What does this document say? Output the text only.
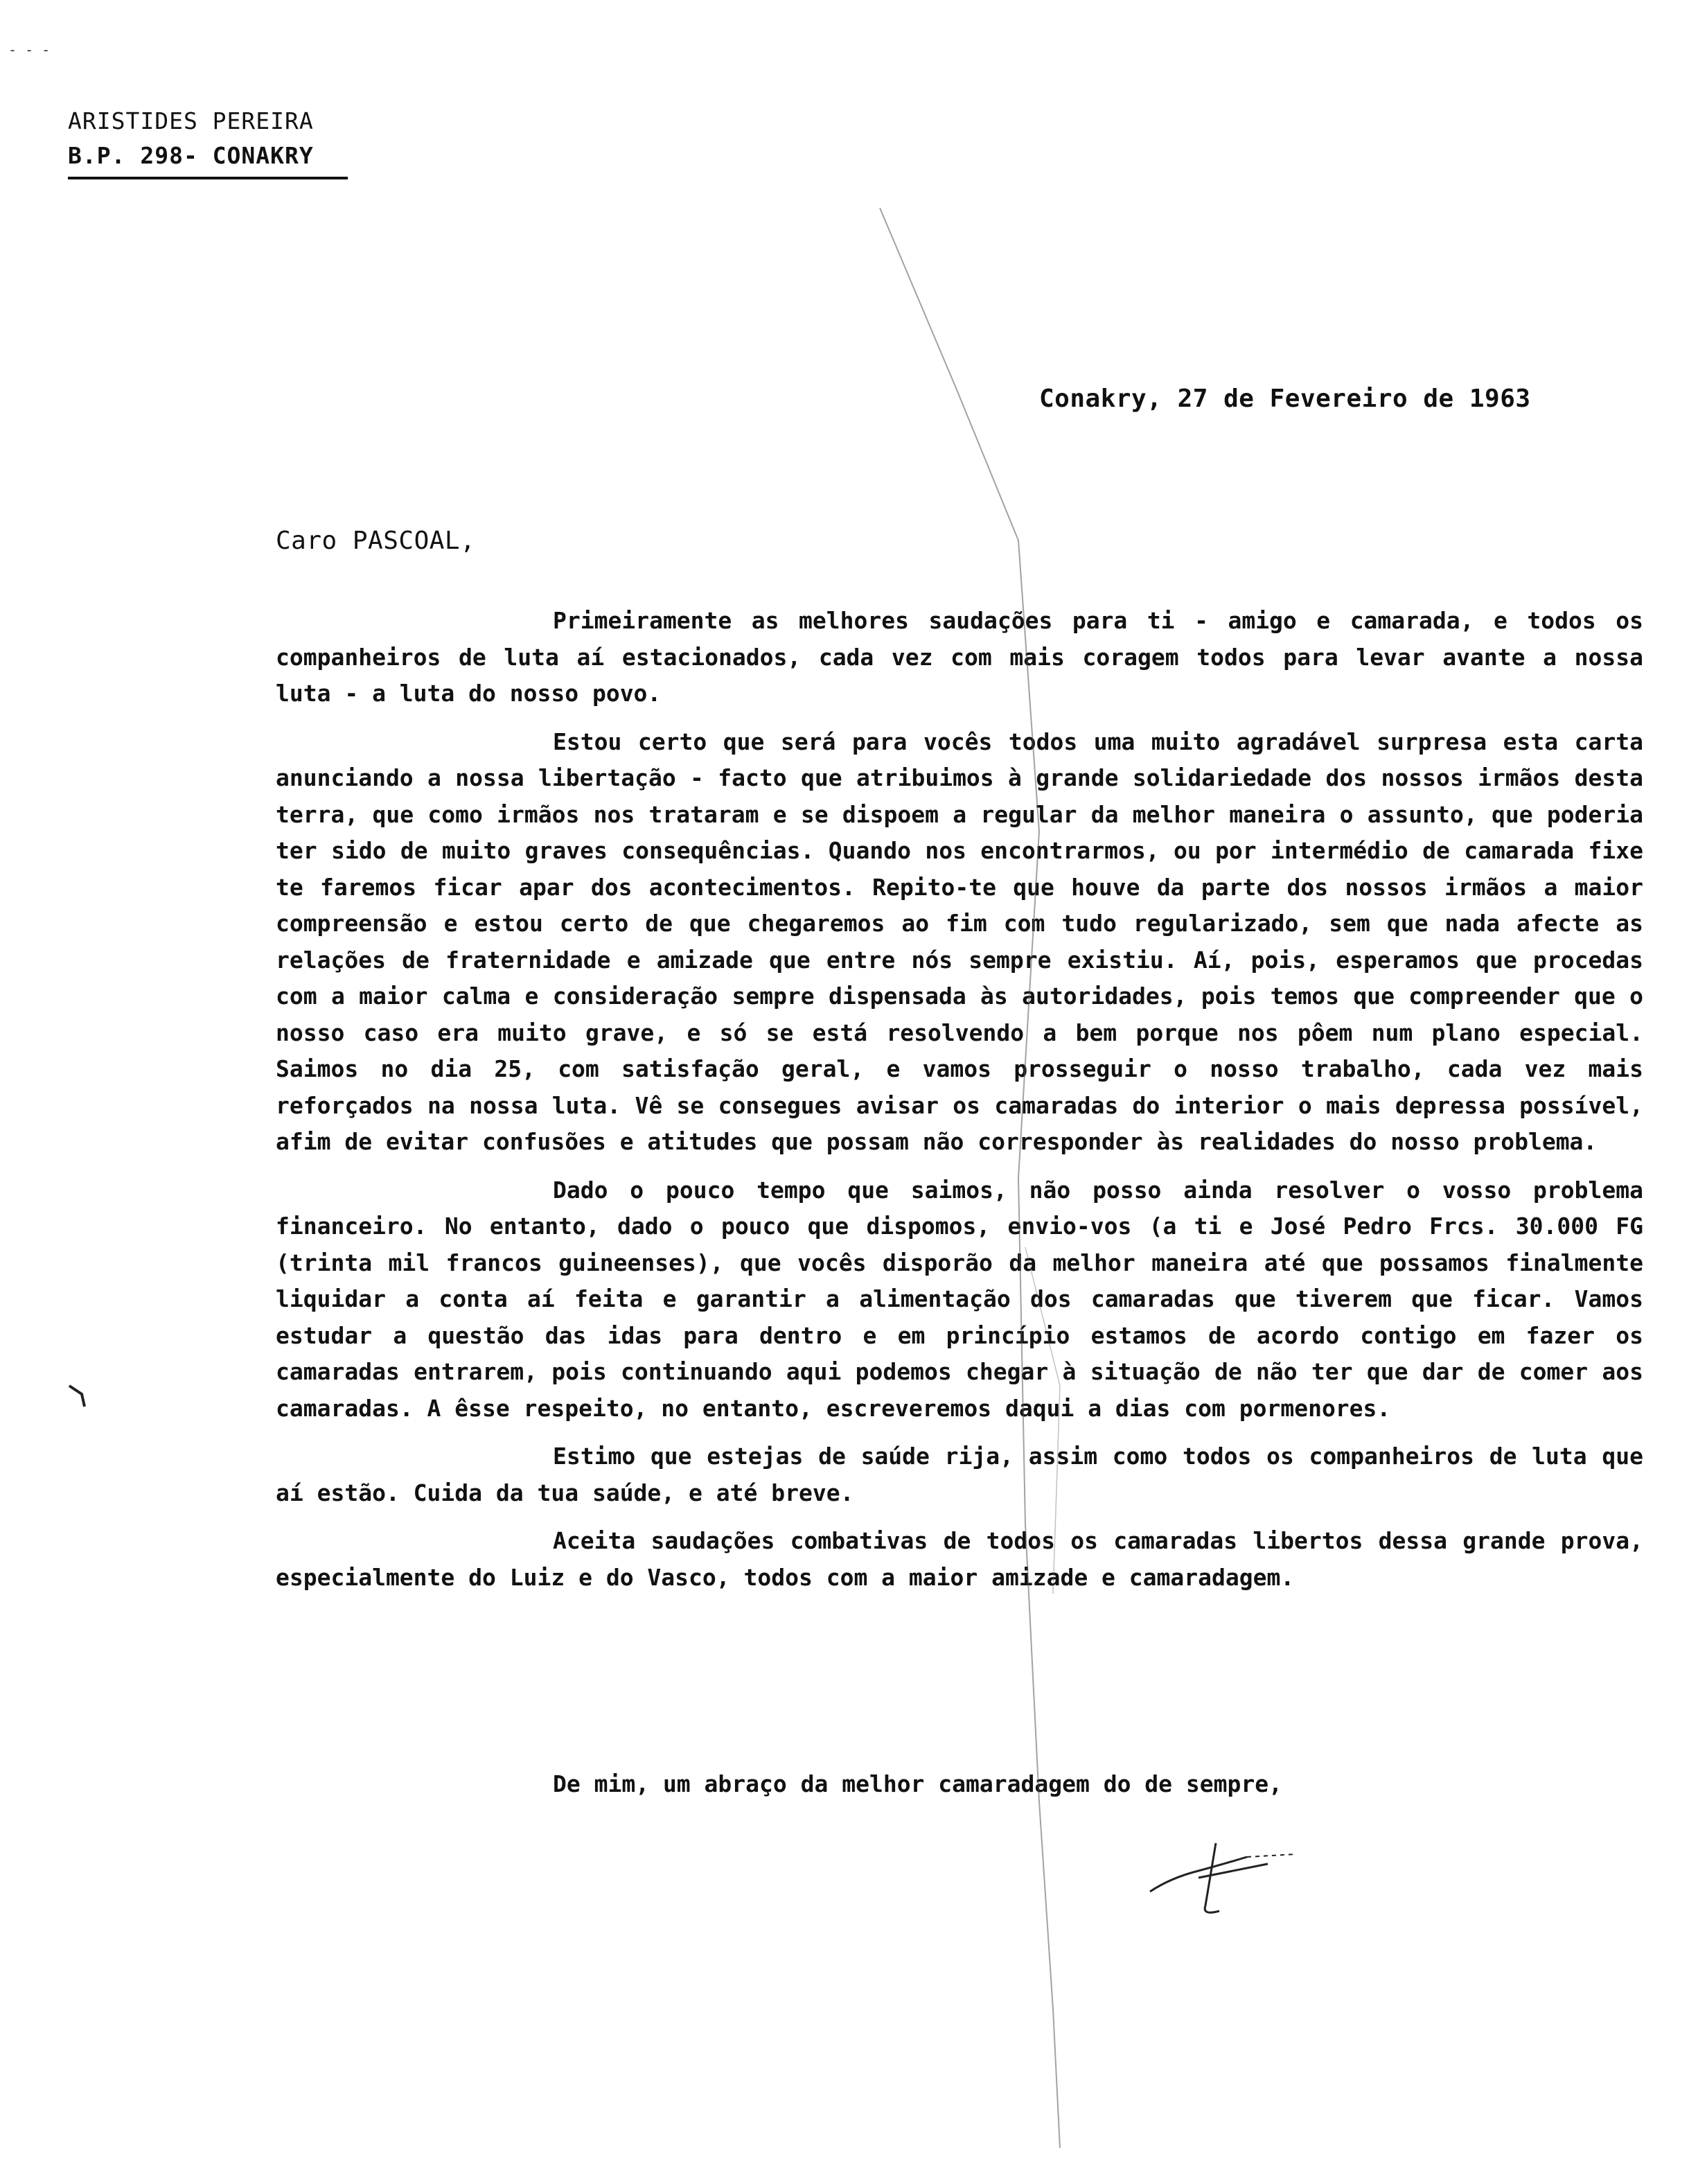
- - -
ARISTIDES PEREIRA
B.P. 298- CONAKRY
Conakry, 27 de Fevereiro de 1963
Caro PASCOAL,

Primeiramente as melhores saudações para ti - amigo e camarada, e todos os companheiros de luta aí estacionados, cada vez com mais coragem todos para levar avante a nossa luta - a luta do nosso povo.

Estou certo que será para vocês todos uma muito agradável surpresa esta carta anunciando a nossa libertação - facto que atribuimos à grande solidariedade dos nossos irmãos desta terra, que como irmãos nos trataram e se dispoem a regular da melhor maneira o assunto, que poderia ter sido de muito graves consequências. Quando nos encontrarmos, ou por intermédio de camarada fixe te faremos ficar apar dos acontecimentos. Repito-te que houve da parte dos nossos irmãos a maior compreensão e estou certo de que chegaremos ao fim com tudo regularizado, sem que nada afecte as relações de fraternidade e amizade que entre nós sempre existiu. Aí, pois, esperamos que procedas com a maior calma e consideração sempre dispensada às autoridades, pois temos que compreender que o nosso caso era muito grave, e só se está resolvendo a bem porque nos pôem num plano especial. Saimos no dia 25, com satisfação geral, e vamos prosseguir o nosso trabalho, cada vez mais reforçados na nossa luta. Vê se consegues avisar os camaradas do interior o mais depressa possível, afim de evitar confusões e atitudes que possam não corresponder às realidades do nosso problema.

Dado o pouco tempo que saimos, não posso ainda resolver o vosso problema financeiro. No entanto, dado o pouco que dispomos, envio-vos (a ti e José Pedro Frcs. 30.000 FG (trinta mil francos guineenses), que vocês disporão da melhor maneira até que possamos finalmente liquidar a conta aí feita e garantir a alimentação dos camaradas que tiverem que ficar. Vamos estudar a questão das idas para dentro e em princípio estamos de acordo contigo em fazer os camaradas entrarem, pois continuando aqui podemos chegar à situação de não ter que dar de comer aos camaradas. A êsse respeito, no entanto, escreveremos daqui a dias com pormenores.

Estimo que estejas de saúde rija, assim como todos os companheiros de luta que aí estão. Cuida da tua saúde, e até breve.

Aceita saudações combativas de todos os camaradas libertos dessa grande prova, especialmente do Luiz e do Vasco, todos com a maior amizade e camaradagem.

De mim, um abraço da melhor camaradagem do de sempre,
